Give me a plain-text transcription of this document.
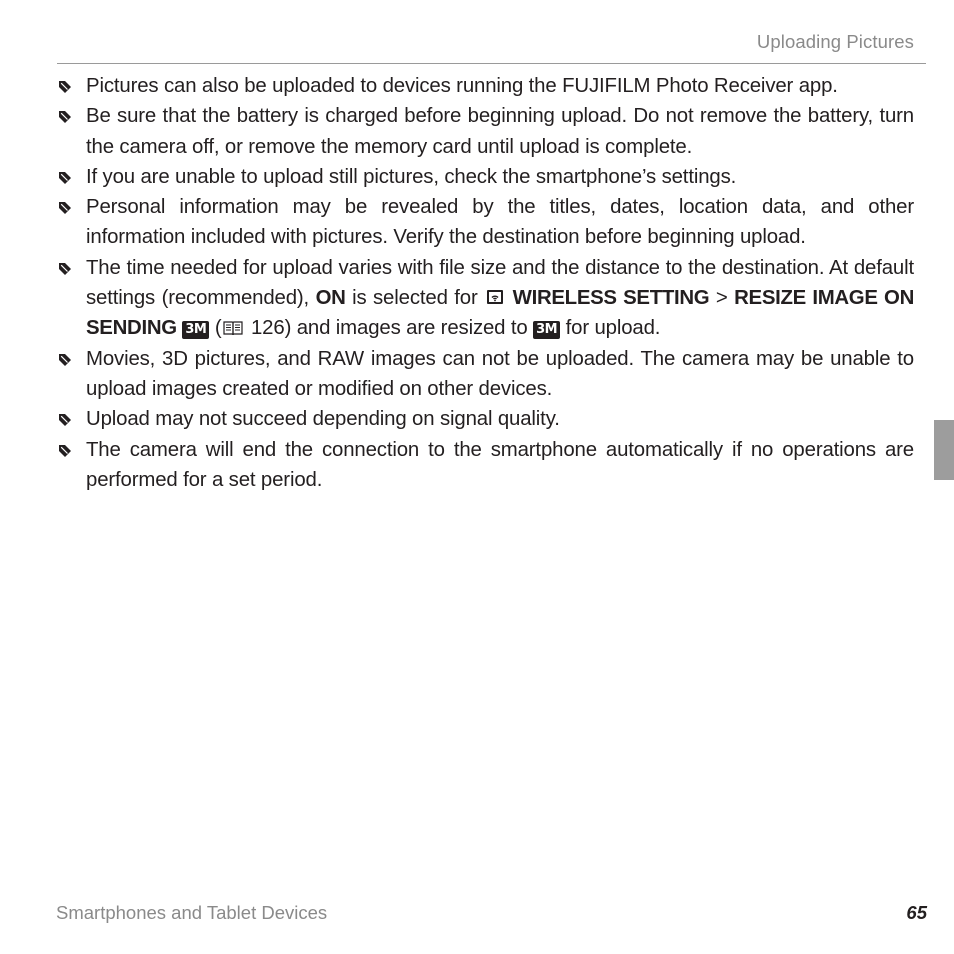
Uploading Pictures
Pictures can also be uploaded to devices running the FUJIFILM Photo Receiver app.
Be sure that the battery is charged before beginning upload. Do not remove the battery, turn the camera off, or remove the memory card until upload is complete.
If you are unable to upload still pictures, check the smartphone’s settings.
Personal information may be revealed by the titles, dates, location data, and other information included with pictures. Verify the destination before beginning upload.
The time needed for upload varies with file size and the distance to the destination. At default settings (recommended), ON is selected for  WIRELESS SETTING > RESIZE IMAGE ON SENDING 3M ( 126) and images are resized to 3M for upload.
Movies, 3D pictures, and RAW images can not be uploaded. The camera may be unable to upload images created or modified on other devices.
Upload may not succeed depending on signal quality.
The camera will end the connection to the smartphone automatically if no operations are performed for a set period.
Smartphones and Tablet Devices	65
